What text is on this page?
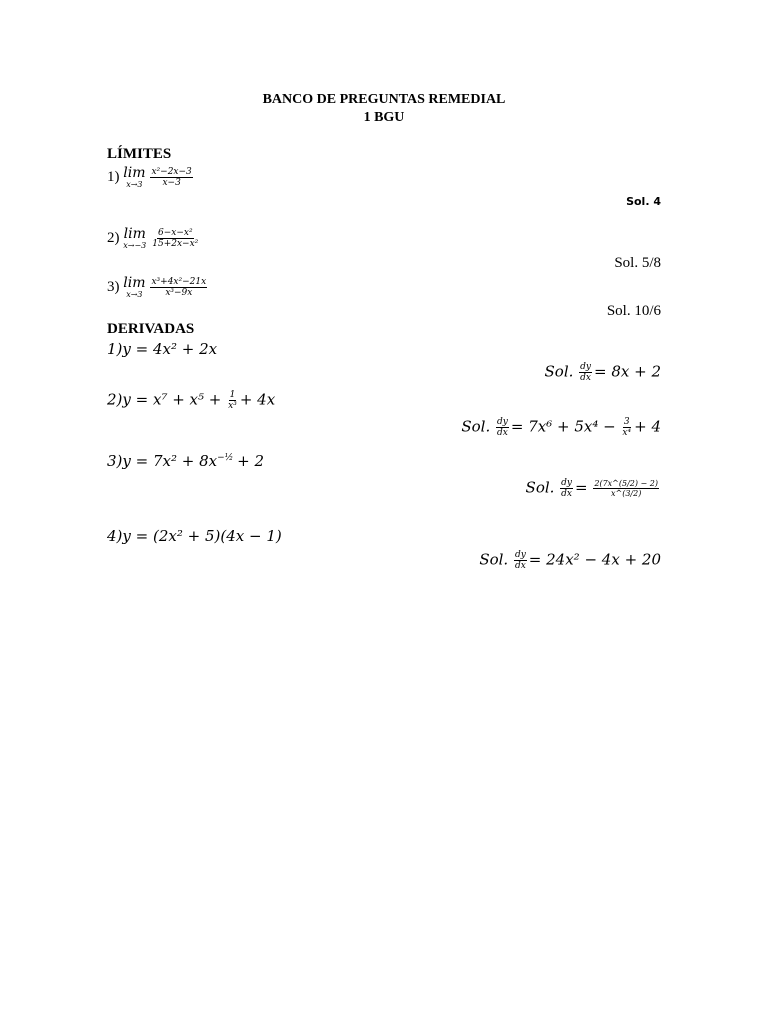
BANCO DE PREGUNTAS REMEDIAL
1 BGU
LÍMITES
1) lim
$x\to 3 \frac{\text{x²−2x−3}}{x-3}$
Sol. 4
2) lim
$x\to-3 \frac{\text{6−x−x²}}{\text{15+2x−x²}}$
Sol. 5/8
3) lim
$x\to 3 \frac{\text{x³+4x²−21x}}{\text{x³−9x}}$
Sol. 10/6
DERIVADAS
1)y = 4x² + 2x
Sol. $\frac{dy}{dx} = 8x + 2$
$2)y = x^7 + x^5 + \frac{1}{\text{x³}} + 4x$
Sol. $\frac{dy}{dx} = 7x^6 + 5x^4 - \frac{3}{\text{x⁴}} + 4$
$3)y = 7x^2 + 8x^{-\frac{1}{2}} + 2$
Sol. $\frac{dy}{dx} = \frac{2(7x\^{}(5/2) - 2)}{x\^{}(3/2)}$
4)y = (2x² + 5)(4x − 1)
Sol. $\frac{dy}{dx} = 24x^2 - 4x + 20$
